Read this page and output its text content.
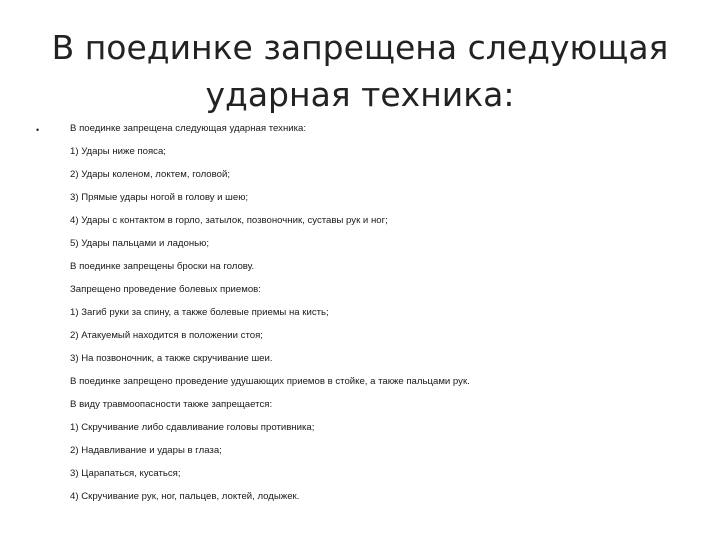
В поединке запрещена следующая ударная техника:
•	В поединке запрещена следующая ударная техника:
1) Удары ниже пояса;
2) Удары коленом, локтем, головой;
3) Прямые удары ногой в голову и шею;
4) Удары с контактом в горло, затылок, позвоночник, суставы рук и ног;
5) Удары пальцами и ладонью;
В поединке запрещены броски на голову.
Запрещено проведение болевых приемов:
1) Загиб руки за спину, а также болевые приемы на кисть;
2) Атакуемый находится в положении стоя;
3) На позвоночник, а также скручивание шеи.
В поединке запрещено проведение удушающих приемов в стойке, а также пальцами рук.
В виду травмоопасности также запрещается:
1) Скручивание либо сдавливание головы противника;
2) Надавливание и удары в глаза;
3) Царапаться, кусаться;
4) Скручивание рук, ног, пальцев, локтей, лодыжек.
